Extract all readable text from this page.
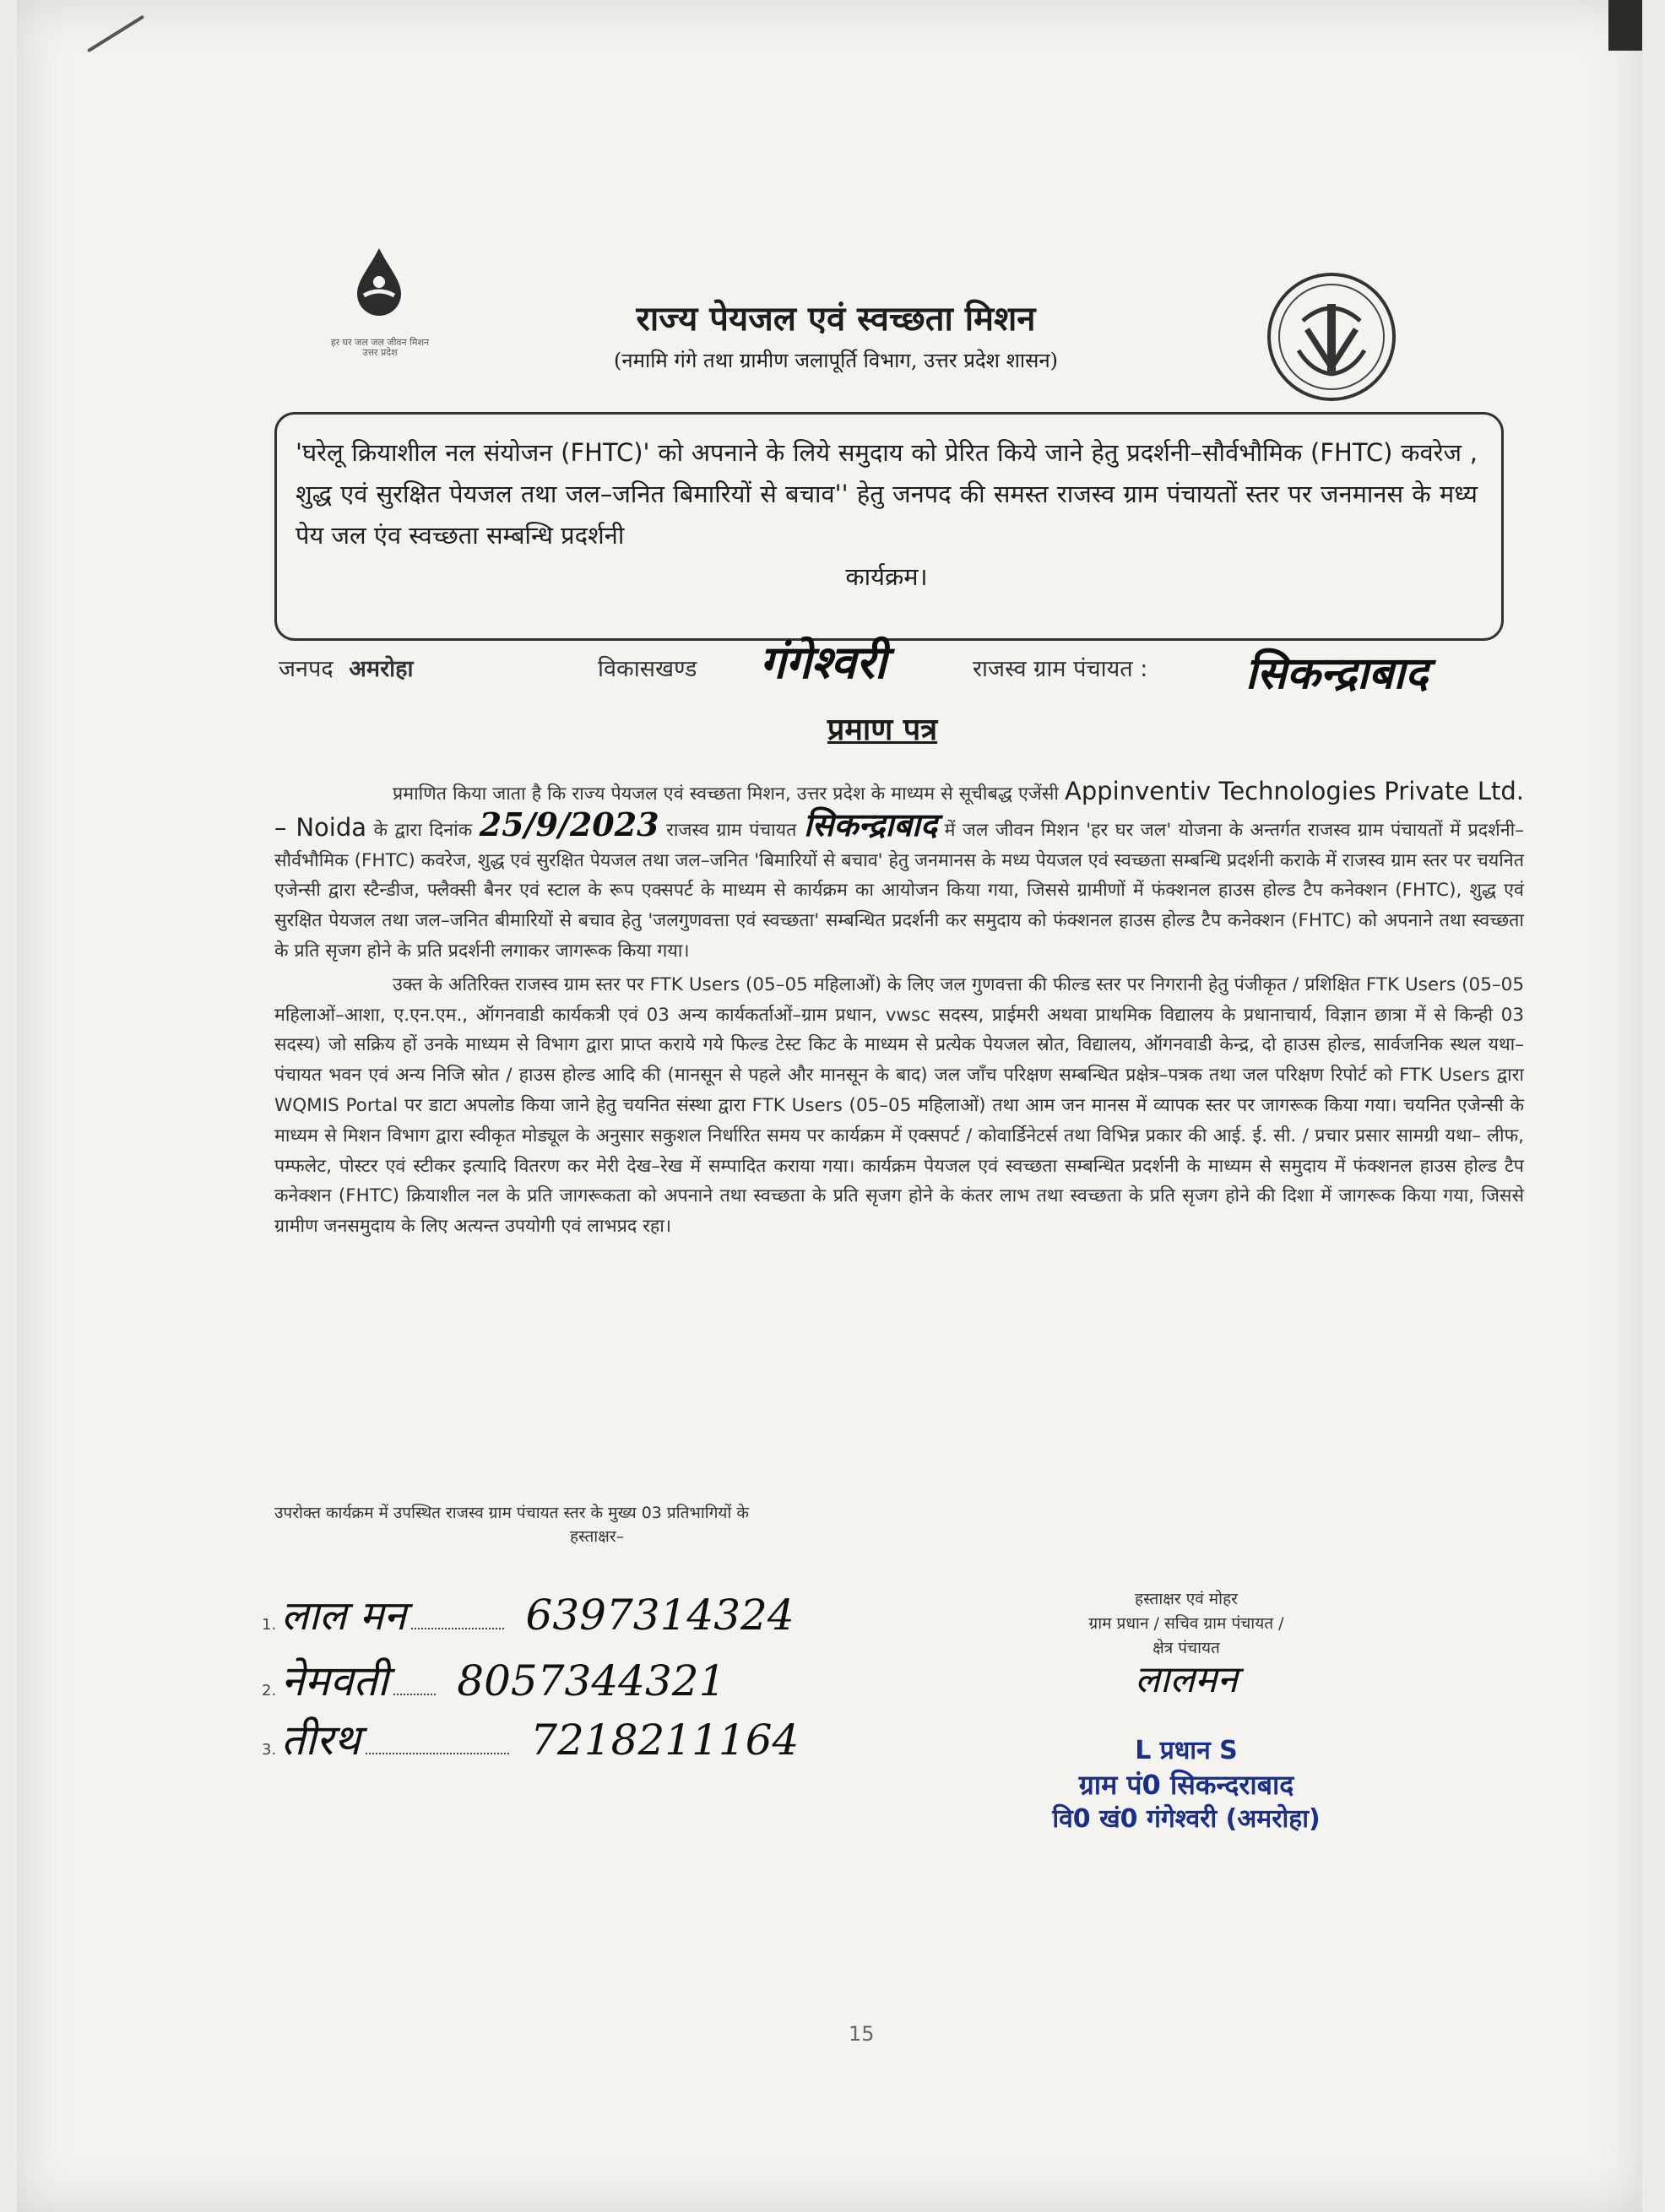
हर घर जल जल जीवन मिशन उत्तर प्रदेश
राज्य पेयजल एवं स्वच्छता मिशन
(नमामि गंगे तथा ग्रामीण जलापूर्ति विभाग, उत्तर प्रदेश शासन)
'घरेलू क्रियाशील नल संयोजन (FHTC)' को अपनाने के लिये समुदाय को प्रेरित किये जाने हेतु प्रदर्शनी–सौर्वभौमिक (FHTC) कवरेज , शुद्ध एवं सुरक्षित पेयजल तथा जल–जनित बिमारियों से बचाव'' हेतु जनपद की समस्त राजस्व ग्राम पंचायतों स्तर पर जनमानस के मध्य पेय जल एंव स्वच्छता सम्बन्धि प्रदर्शनी
कार्यक्रम।
जनपद अमरोहा	विकासखण्ड गंगेश्वरी	राजस्व ग्राम पंचायत : सिकन्द्राबाद
प्रमाण पत्र

प्रमाणित किया जाता है कि राज्य पेयजल एवं स्वच्छता मिशन, उत्तर प्रदेश के माध्यम से सूचीबद्ध एजेंसी Appinventiv Technologies Private Ltd. – Noida के द्वारा दिनांक 25/9/2023 राजस्व ग्राम पंचायत सिकन्द्राबाद में जल जीवन मिशन 'हर घर जल' योजना के अन्तर्गत राजस्व ग्राम पंचायतों में प्रदर्शनी–सौर्वभौमिक (FHTC) कवरेज, शुद्ध एवं सुरक्षित पेयजल तथा जल–जनित 'बिमारियों से बचाव' हेतु जनमानस के मध्य पेयजल एवं स्वच्छता सम्बन्धि प्रदर्शनी कराके में राजस्व ग्राम स्तर पर चयनित एजेन्सी द्वारा स्टैन्डीज, फ्लैक्सी बैनर एवं स्टाल के रूप एक्सपर्ट के माध्यम से कार्यक्रम का आयोजन किया गया, जिससे ग्रामीणों में फंक्शनल हाउस होल्ड टैप कनेक्शन (FHTC), शुद्ध एवं सुरक्षित पेयजल तथा जल–जनित बीमारियों से बचाव हेतु 'जलगुणवत्ता एवं स्वच्छता' सम्बन्धित प्रदर्शनी कर समुदाय को फंक्शनल हाउस होल्ड टैप कनेक्शन (FHTC) को अपनाने तथा स्वच्छता के प्रति सृजग होने के प्रति प्रदर्शनी लगाकर जागरूक किया गया।

उक्त के अतिरिक्त राजस्व ग्राम स्तर पर FTK Users (05–05 महिलाओं) के लिए जल गुणवत्ता की फील्ड स्तर पर निगरानी हेतु पंजीकृत / प्रशिक्षित FTK Users (05–05 महिलाओं–आशा, ए.एन.एम., ऑगनवाडी कार्यकत्री एवं 03 अन्य कार्यकर्ताओं–ग्राम प्रधान, vwsc सदस्य, प्राईमरी अथवा प्राथमिक विद्यालय के प्रधानाचार्य, विज्ञान छात्रा में से किन्ही 03 सदस्य) जो सक्रिय हों उनके माध्यम से विभाग द्वारा प्राप्त कराये गये फिल्ड टेस्ट किट के माध्यम से प्रत्येक पेयजल स्रोत, विद्यालय, ऑगनवाडी केन्द्र, दो हाउस होल्ड, सार्वजनिक स्थल यथा–पंचायत भवन एवं अन्य निजि स्रोत / हाउस होल्ड आदि की (मानसून से पहले और मानसून के बाद) जल जाँच परिक्षण सम्बन्धित प्रक्षेत्र–पत्रक तथा जल परिक्षण रिपोर्ट को FTK Users द्वारा WQMIS Portal पर डाटा अपलोड किया जाने हेतु चयनित संस्था द्वारा FTK Users (05–05 महिलाओं) तथा आम जन मानस में व्यापक स्तर पर जागरूक किया गया। चयनित एजेन्सी के माध्यम से मिशन विभाग द्वारा स्वीकृत मोड्यूल के अनुसार सकुशल निर्धारित समय पर कार्यक्रम में एक्सपर्ट / कोवार्डिनेटर्स तथा विभिन्न प्रकार की आई. ई. सी. / प्रचार प्रसार सामग्री यथा– लीफ, पम्फलेट, पोस्टर एवं स्टीकर इत्यादि वितरण कर मेरी देख–रेख में सम्पादित कराया गया। कार्यक्रम पेयजल एवं स्वच्छता सम्बन्धित प्रदर्शनी के माध्यम से समुदाय में फंक्शनल हाउस होल्ड टैप कनेक्शन (FHTC) क्रियाशील नल के प्रति जागरूकता को अपनाने तथा स्वच्छता के प्रति सृजग होने के कंतर लाभ तथा स्वच्छता के प्रति सृजग होने की दिशा में जागरूक किया गया, जिससे ग्रामीण जनसमुदाय के लिए अत्यन्त उपयोगी एवं लाभप्रद रहा।

उपरोक्त कार्यक्रम में उपस्थित राजस्व ग्राम पंचायत स्तर के मुख्य 03 प्रतिभागियों के
हस्ताक्षर–
1. लाल मन	6397314324
2. नेमवती 8057344321
3. तीरथ	7218211164
हस्ताक्षर एवं मोहर
ग्राम प्रधान / सचिव ग्राम पंचायत /
क्षेत्र पंचायत
लालमन
L प्रधान S
ग्राम पं0 सिकन्दराबाद
वि0 खं0 गंगेश्वरी (अमरोहा)
15
